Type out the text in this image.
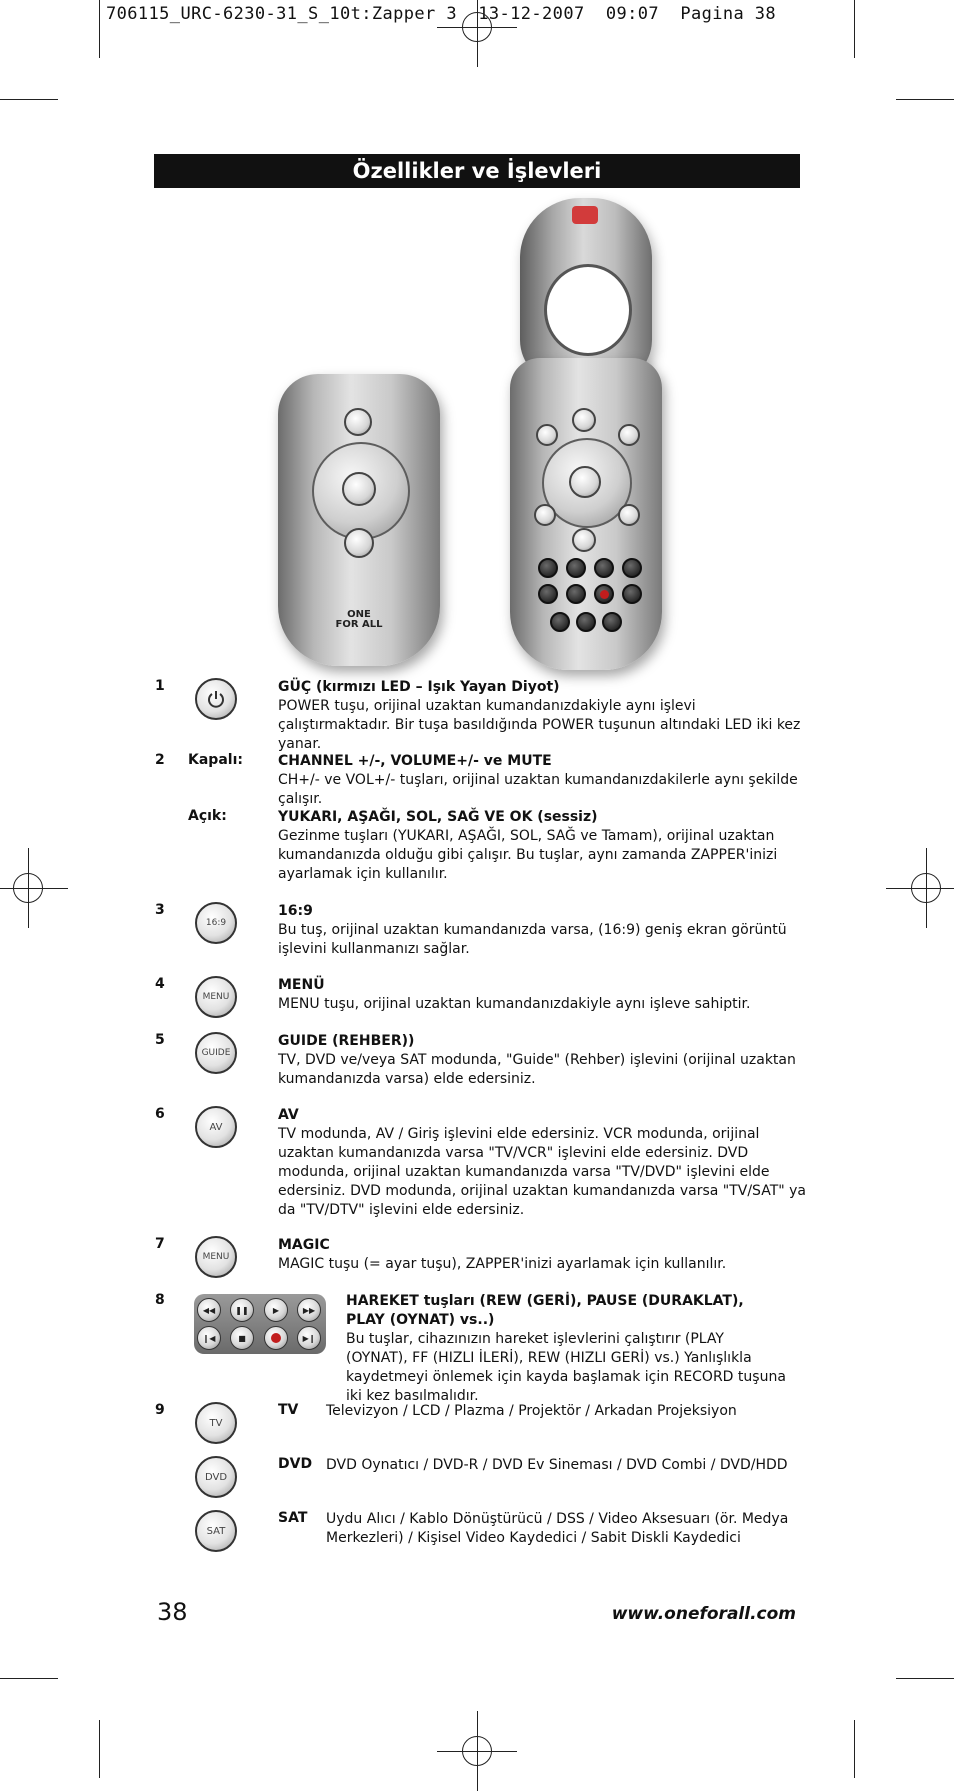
706115_URC-6230-31_S_10t:Zapper 3 13-12-2007 09:07 Pagina 38
Özellikler ve İşlevleri
ONE FOR ALL
1	GÜÇ (kırmızı LED – Işık Yayan Diyot)
POWER tuşu, orijinal uzaktan kumandanızdakiyle aynı işlevi çalıştırmaktadır. Bir tuşa basıldığında POWER tuşunun altındaki LED iki kez yanar.
2 Kapalı:	CHANNEL +/-, VOLUME+/- ve MUTE
CH+/- ve VOL+/- tuşları, orijinal uzaktan kumandanızdakilerle aynı şekilde çalışır.
Açık:	YUKARI, AŞAĞI, SOL, SAĞ VE OK (sessiz)
Gezinme tuşları (YUKARI, AŞAĞI, SOL, SAĞ ve Tamam), orijinal uzaktan kumandanızda olduğu gibi çalışır. Bu tuşlar, aynı zamanda ZAPPER'inizi ayarlamak için kullanılır.
3
16:9
16:9
Bu tuş, orijinal uzaktan kumandanızda varsa, (16:9) geniş ekran görüntü işlevini kullanmanızı sağlar.
4
MENU
MENÜ
MENU tuşu, orijinal uzaktan kumandanızdakiyle aynı işleve sahiptir.
5
GUIDE
GUIDE (REHBER))
TV, DVD ve/veya SAT modunda, "Guide" (Rehber) işlevini (orijinal uzaktan kumandanızda varsa) elde edersiniz.
6
AV
AV
TV modunda, AV / Giriş işlevini elde edersiniz. VCR modunda, orijinal uzaktan kumandanızda varsa "TV/VCR" işlevini elde edersiniz. DVD modunda, orijinal uzaktan kumandanızda varsa "TV/DVD" işlevini elde edersiniz. DVD modunda, orijinal uzaktan kumandanızda varsa "TV/SAT" ya da "TV/DTV" işlevini elde edersiniz.
7
MENU
MAGIC
MAGIC tuşu (= ayar tuşu), ZAPPER'inizi ayarlamak için kullanılır.
8
◀◀	❚❚	▶	▶▶
❙◀	■	▶❙
HAREKET tuşları (REW (GERİ), PAUSE (DURAKLAT), PLAY (OYNAT) vs..)
Bu tuşlar, cihazınızın hareket işlevlerini çalıştırır (PLAY (OYNAT), FF (HIZLI İLERİ), REW (HIZLI GERİ) vs.) Yanlışlıkla kaydetmeyi önlemek için kayda başlamak için RECORD tuşuna iki kez basılmalıdır.
9
TV
TV Televizyon / LCD / Plazma / Projektör / Arkadan Projeksiyon
DVD
DVD DVD Oynatıcı / DVD-R / DVD Ev Sineması / DVD Combi / DVD/HDD
SAT
SAT Uydu Alıcı / Kablo Dönüştürücü / DSS / Video Aksesuarı (ör. Medya Merkezleri) / Kişisel Video Kaydedici / Sabit Diskli Kaydedici
38	www.oneforall.com
